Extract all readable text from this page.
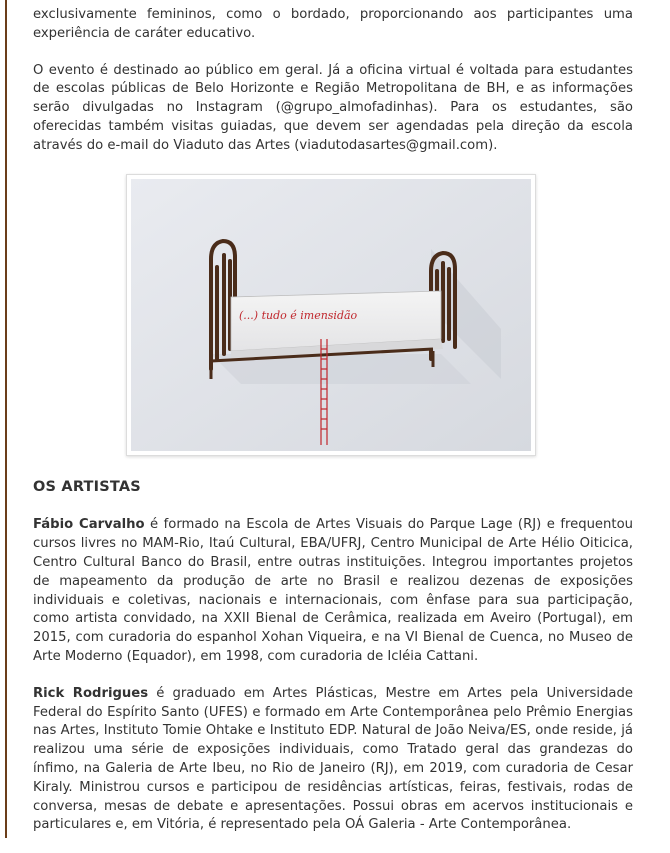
exclusivamente femininos, como o bordado, proporcionando aos participantes uma experiência de caráter educativo.

O evento é destinado ao público em geral. Já a oficina virtual é voltada para estudantes de escolas públicas de Belo Horizonte e Região Metropolitana de BH, e as informações serão divulgadas no Instagram (@grupo_almofadinhas). Para os estudantes, são oferecidas também visitas guiadas, que devem ser agendadas pela direção da escola através do e-mail do Viaduto das Artes (viadutodasartes@gmail.com).

(...) tudo é imensidão
OS ARTISTAS

Fábio Carvalho é formado na Escola de Artes Visuais do Parque Lage (RJ) e frequentou cursos livres no MAM-Rio, Itaú Cultural, EBA/UFRJ, Centro Municipal de Arte Hélio Oiticica, Centro Cultural Banco do Brasil, entre outras instituições. Integrou importantes projetos de mapeamento da produção de arte no Brasil e realizou dezenas de exposições individuais e coletivas, nacionais e internacionais, com ênfase para sua participação, como artista convidado, na XXII Bienal de Cerâmica, realizada em Aveiro (Portugal), em 2015, com curadoria do espanhol Xohan Viqueira, e na VI Bienal de Cuenca, no Museo de Arte Moderno (Equador), em 1998, com curadoria de Icléia Cattani.

Rick Rodrigues é graduado em Artes Plásticas, Mestre em Artes pela Universidade Federal do Espírito Santo (UFES) e formado em Arte Contemporânea pelo Prêmio Energias nas Artes, Instituto Tomie Ohtake e Instituto EDP. Natural de João Neiva/ES, onde reside, já realizou uma série de exposições individuais, como Tratado geral das grandezas do ínfimo, na Galeria de Arte Ibeu, no Rio de Janeiro (RJ), em 2019, com curadoria de Cesar Kiraly. Ministrou cursos e participou de residências artísticas, feiras, festivais, rodas de conversa, mesas de debate e apresentações. Possui obras em acervos institucionais e particulares e, em Vitória, é representado pela OÁ Galeria - Arte Contemporânea.
